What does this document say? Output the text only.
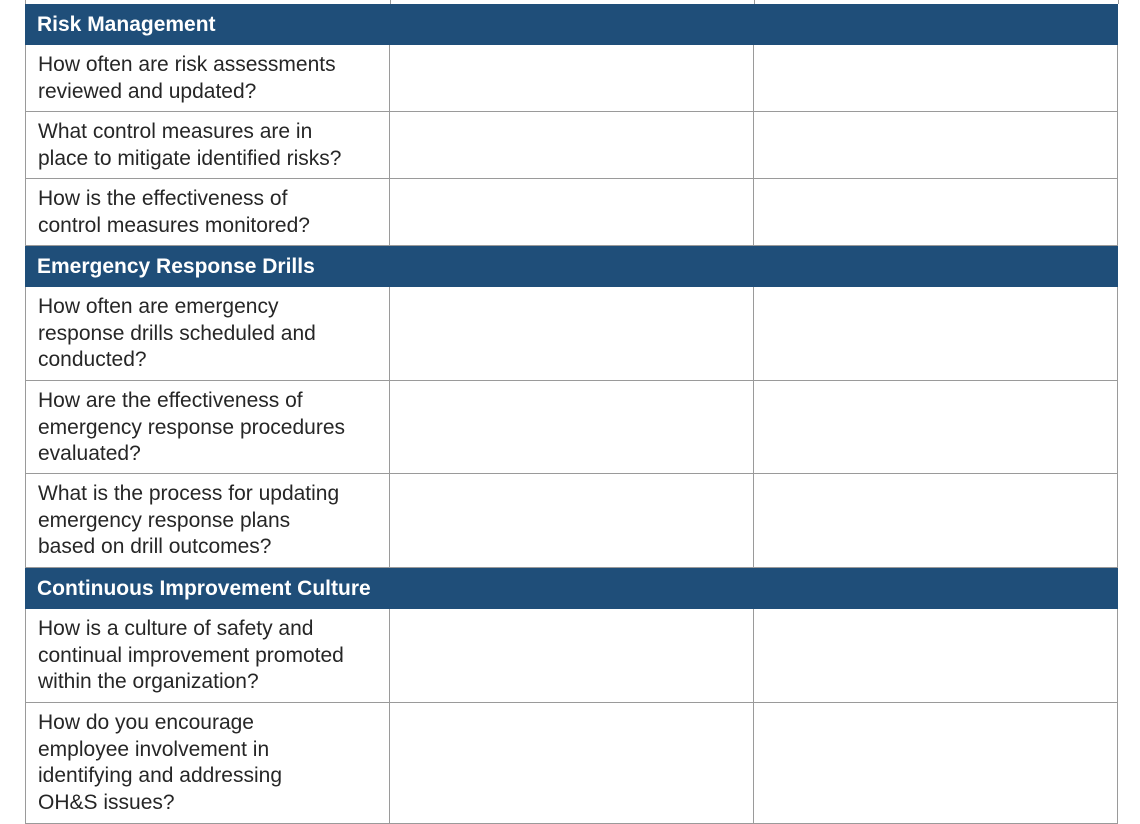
Risk Management
How often are risk assessments
reviewed and updated?
What control measures are in
place to mitigate identified risks?
How is the effectiveness of
control measures monitored?
Emergency Response Drills
How often are emergency
response drills scheduled and
conducted?
How are the effectiveness of
emergency response procedures
evaluated?
What is the process for updating
emergency response plans
based on drill outcomes?
Continuous Improvement Culture
How is a culture of safety and
continual improvement promoted
within the organization?
How do you encourage
employee involvement in
identifying and addressing
OH&S issues?
